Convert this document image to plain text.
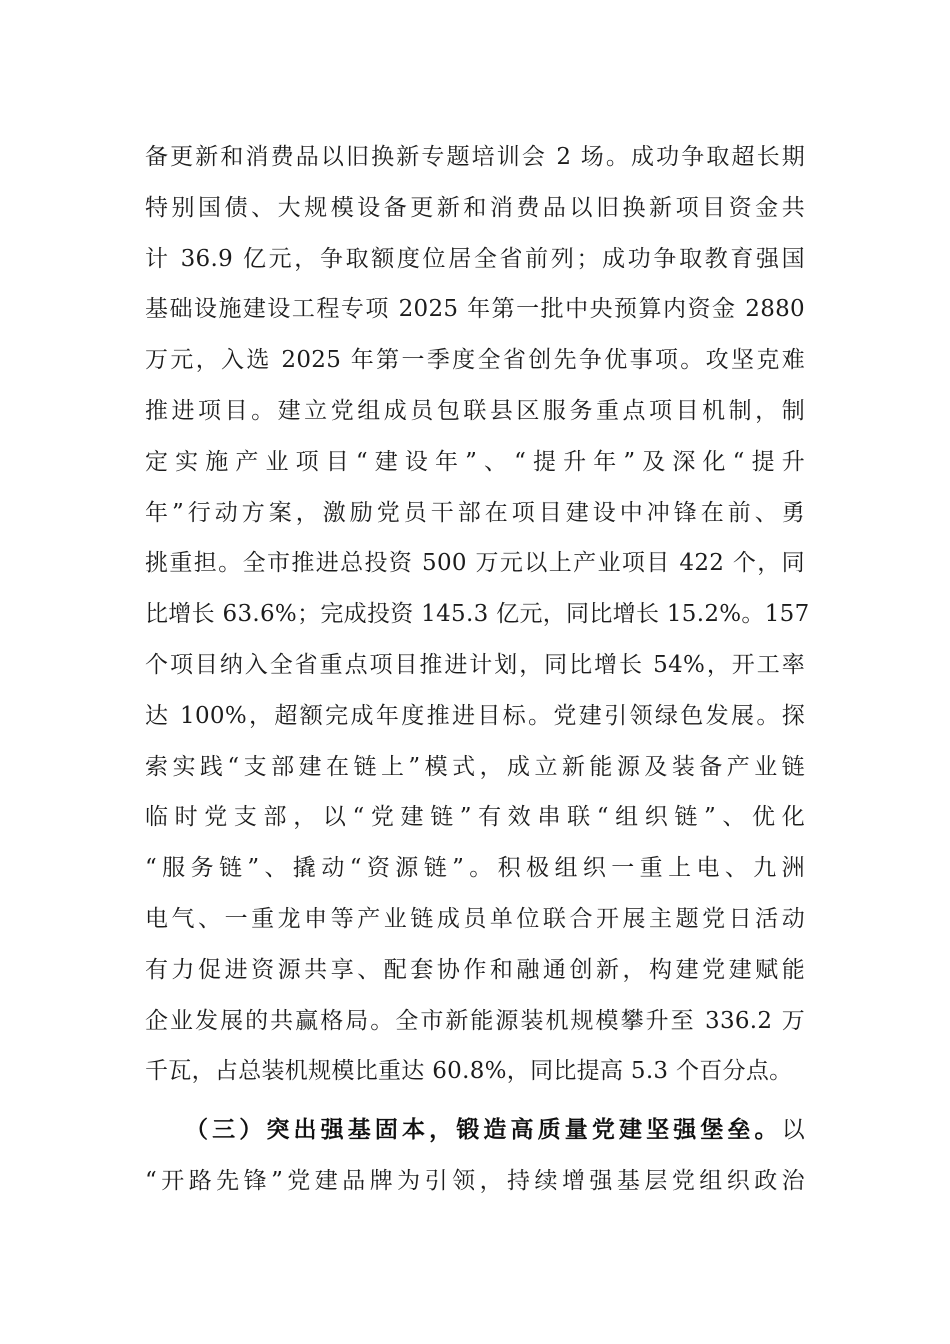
备更新和消费品以旧换新专题培训会 2 场。成功争取超长期
特别国债、大规模设备更新和消费品以旧换新项目资金共
计 36.9 亿元，争取额度位居全省前列；成功争取教育强国
基础设施建设工程专项 2025 年第一批中央预算内资金 2880
万元，入选 2025 年第一季度全省创先争优事项。攻坚克难
推进项目。建立党组成员包联县区服务重点项目机制，制
定实施产业项目“建设年”、“提升年”及深化“提升
年”行动方案，激励党员干部在项目建设中冲锋在前、勇
挑重担。全市推进总投资 500 万元以上产业项目 422 个，同
比增长 63.6%；完成投资 145.3 亿元，同比增长 15.2%。157
个项目纳入全省重点项目推进计划，同比增长 54%，开工率
达 100%，超额完成年度推进目标。党建引领绿色发展。探
索实践“支部建在链上”模式，成立新能源及装备产业链
临时党支部，以“党建链”有效串联“组织链”、优化
“服务链”、撬动“资源链”。积极组织一重上电、九洲
电气、一重龙申等产业链成员单位联合开展主题党日活动
有力促进资源共享、配套协作和融通创新，构建党建赋能
企业发展的共赢格局。全市新能源装机规模攀升至 336.2 万
千瓦，占总装机规模比重达 60.8%，同比提高 5.3 个百分点。
（三）突出强基固本，锻造高质量党建坚强堡垒。以
“开路先锋”党建品牌为引领，持续增强基层党组织政治
